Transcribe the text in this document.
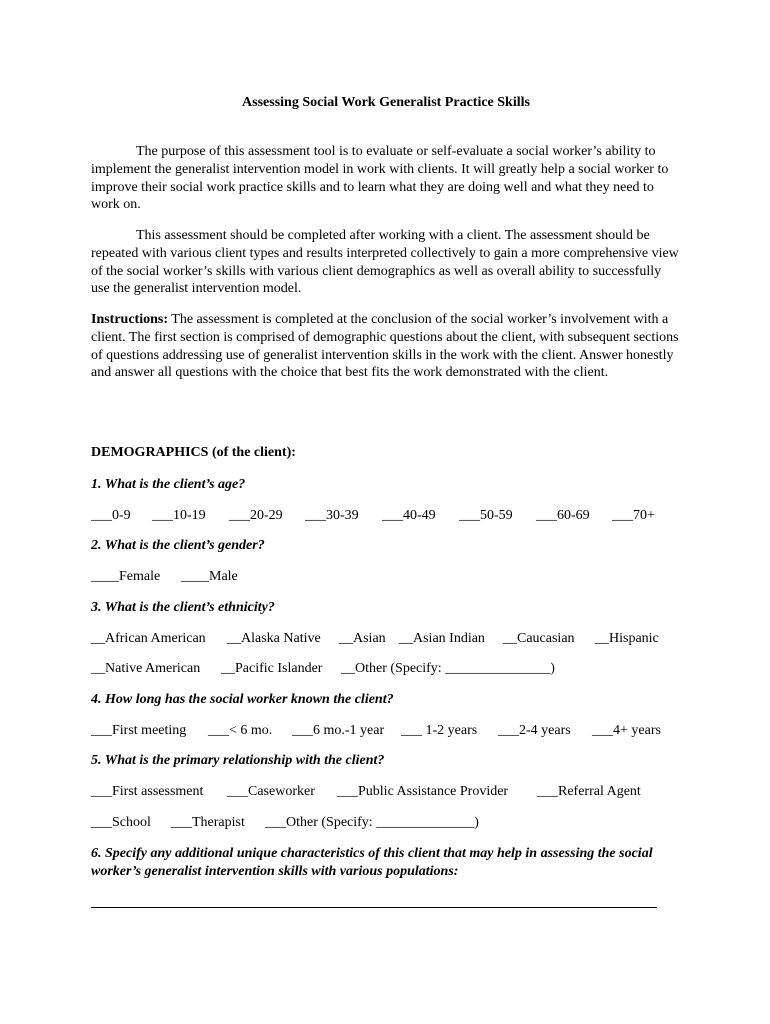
Assessing Social Work Generalist Practice Skills

The purpose of this assessment tool is to evaluate or self-evaluate a social worker’s ability to implement the generalist intervention model in work with clients. It will greatly help a social worker to improve their social work practice skills and to learn what they are doing well and what they need to work on.

This assessment should be completed after working with a client. The assessment should be repeated with various client types and results interpreted collectively to gain a more comprehensive view of the social worker’s skills with various client demographics as well as overall ability to successfully use the generalist intervention model.

Instructions: The assessment is completed at the conclusion of the social worker’s involvement with a client. The first section is comprised of demographic questions about the client, with subsequent sections of questions addressing use of generalist intervention skills in the work with the client. Answer honestly and answer all questions with the choice that best fits the work demonstrated with the client.

DEMOGRAPHICS (of the client):
1. What is the client’s age?
___0-9 ___10-19 ___20-29 ___30-39 ___40-49 ___50-59 ___60-69 ___70+
2. What is the client’s gender?
____Female ____Male
3. What is the client’s ethnicity?
__African American __Alaska Native __Asian __Asian Indian __Caucasian __Hispanic
__Native American __Pacific Islander __Other (Specify: _______________)
4. How long has the social worker known the client?
___First meeting ___< 6 mo. ___6 mo.-1 year ___ 1-2 years ___2-4 years ___4+ years
5. What is the primary relationship with the client?
___First assessment ___Caseworker ___Public Assistance Provider ___Referral Agent
___School ___Therapist ___Other (Specify: ______________)
6. Specify any additional unique characteristics of this client that may help in assessing the social worker’s generalist intervention skills with various populations:
